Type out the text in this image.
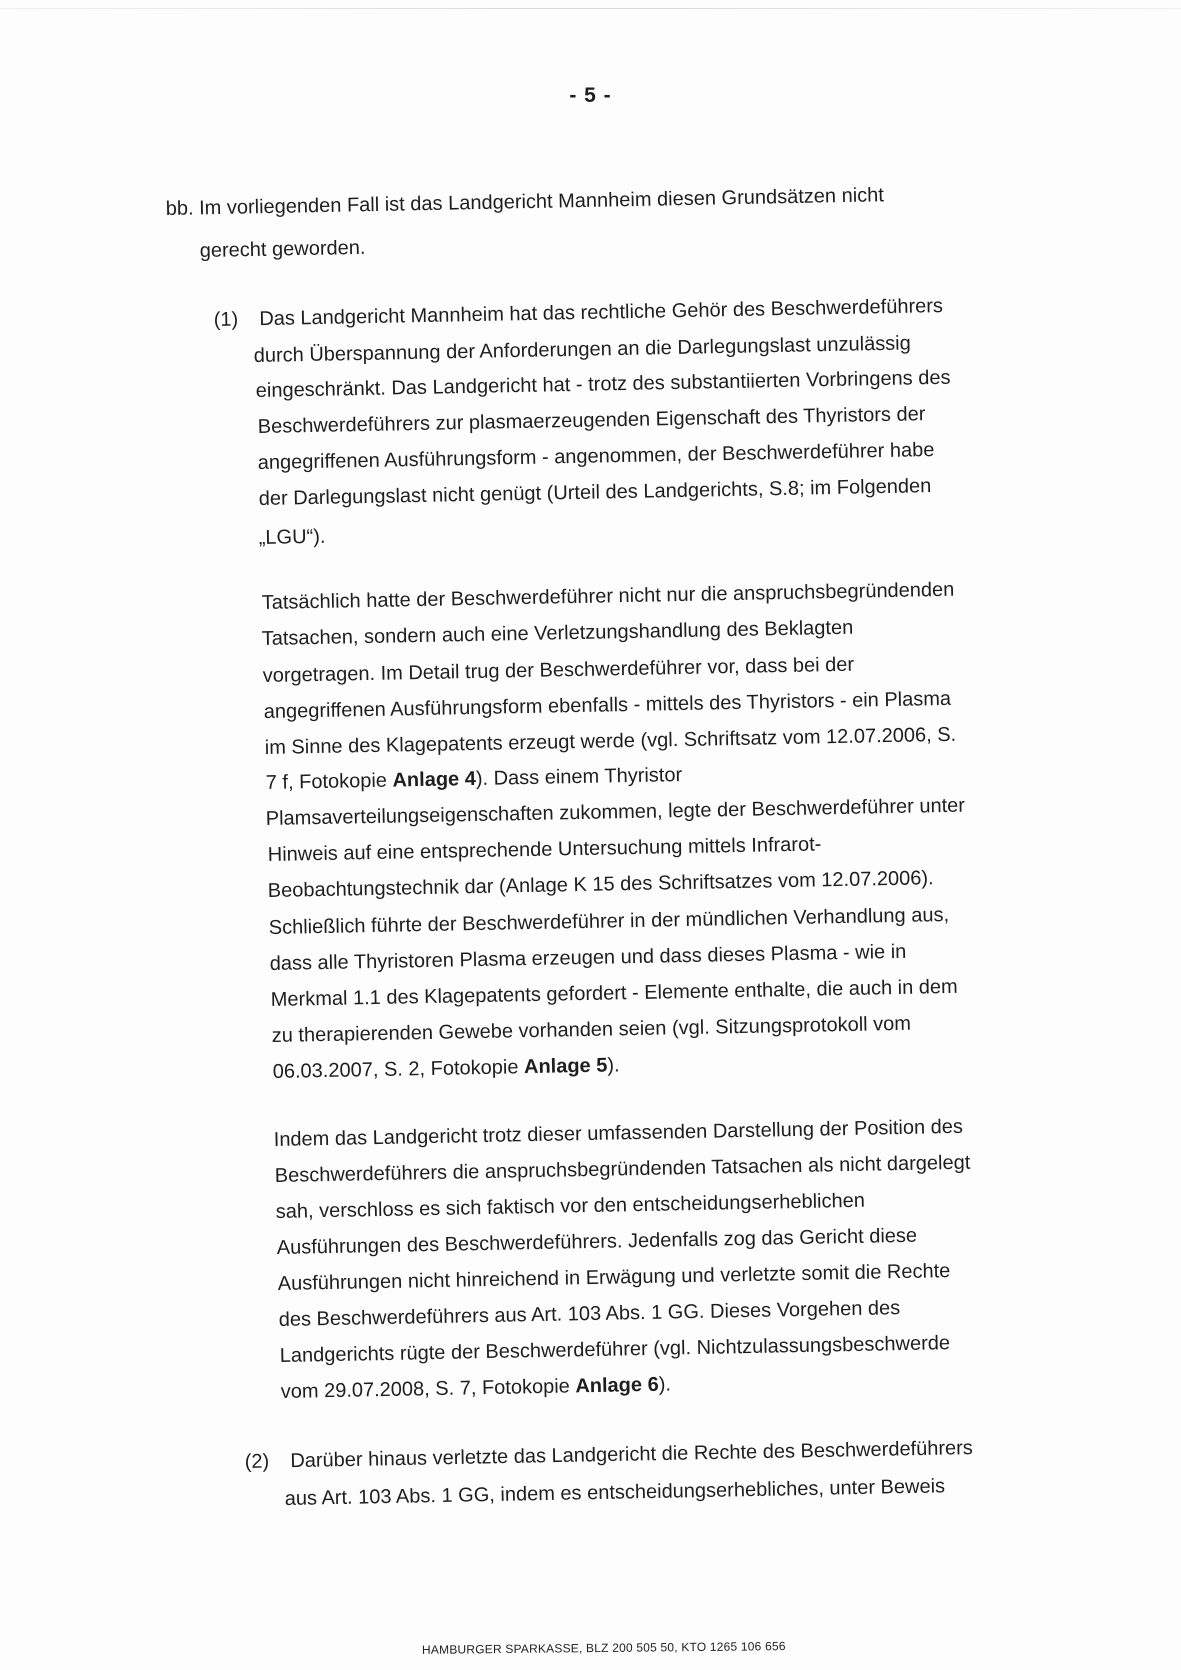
- 5 -
bb. Im vorliegenden Fall ist das Landgericht Mannheim diesen Grundsätzen nicht
gerecht geworden.
(1) Das Landgericht Mannheim hat das rechtliche Gehör des Beschwerdeführers
durch Überspannung der Anforderungen an die Darlegungslast unzulässig
eingeschränkt. Das Landgericht hat - trotz des substantiierten Vorbringens des
Beschwerdeführers zur plasmaerzeugenden Eigenschaft des Thyristors der
angegriffenen Ausführungsform - angenommen, der Beschwerdeführer habe
der Darlegungslast nicht genügt (Urteil des Landgerichts, S.8; im Folgenden
„LGU“).
Tatsächlich hatte der Beschwerdeführer nicht nur die anspruchsbegründenden
Tatsachen, sondern auch eine Verletzungshandlung des Beklagten
vorgetragen. Im Detail trug der Beschwerdeführer vor, dass bei der
angegriffenen Ausführungsform ebenfalls - mittels des Thyristors - ein Plasma
im Sinne des Klagepatents erzeugt werde (vgl. Schriftsatz vom 12.07.2006, S.
7 f, Fotokopie Anlage 4). Dass einem Thyristor
Plamsaverteilungseigenschaften zukommen, legte der Beschwerdeführer unter
Hinweis auf eine entsprechende Untersuchung mittels Infrarot-
Beobachtungstechnik dar (Anlage K 15 des Schriftsatzes vom 12.07.2006).
Schließlich führte der Beschwerdeführer in der mündlichen Verhandlung aus,
dass alle Thyristoren Plasma erzeugen und dass dieses Plasma - wie in
Merkmal 1.1 des Klagepatents gefordert - Elemente enthalte, die auch in dem
zu therapierenden Gewebe vorhanden seien (vgl. Sitzungsprotokoll vom
06.03.2007, S. 2, Fotokopie Anlage 5).
Indem das Landgericht trotz dieser umfassenden Darstellung der Position des
Beschwerdeführers die anspruchsbegründenden Tatsachen als nicht dargelegt
sah, verschloss es sich faktisch vor den entscheidungserheblichen
Ausführungen des Beschwerdeführers. Jedenfalls zog das Gericht diese
Ausführungen nicht hinreichend in Erwägung und verletzte somit die Rechte
des Beschwerdeführers aus Art. 103 Abs. 1 GG. Dieses Vorgehen des
Landgerichts rügte der Beschwerdeführer (vgl. Nichtzulassungsbeschwerde
vom 29.07.2008, S. 7, Fotokopie Anlage 6).
(2) Darüber hinaus verletzte das Landgericht die Rechte des Beschwerdeführers
aus Art. 103 Abs. 1 GG, indem es entscheidungserhebliches, unter Beweis
HAMBURGER SPARKASSE, BLZ 200 505 50, KTO 1265 106 656
